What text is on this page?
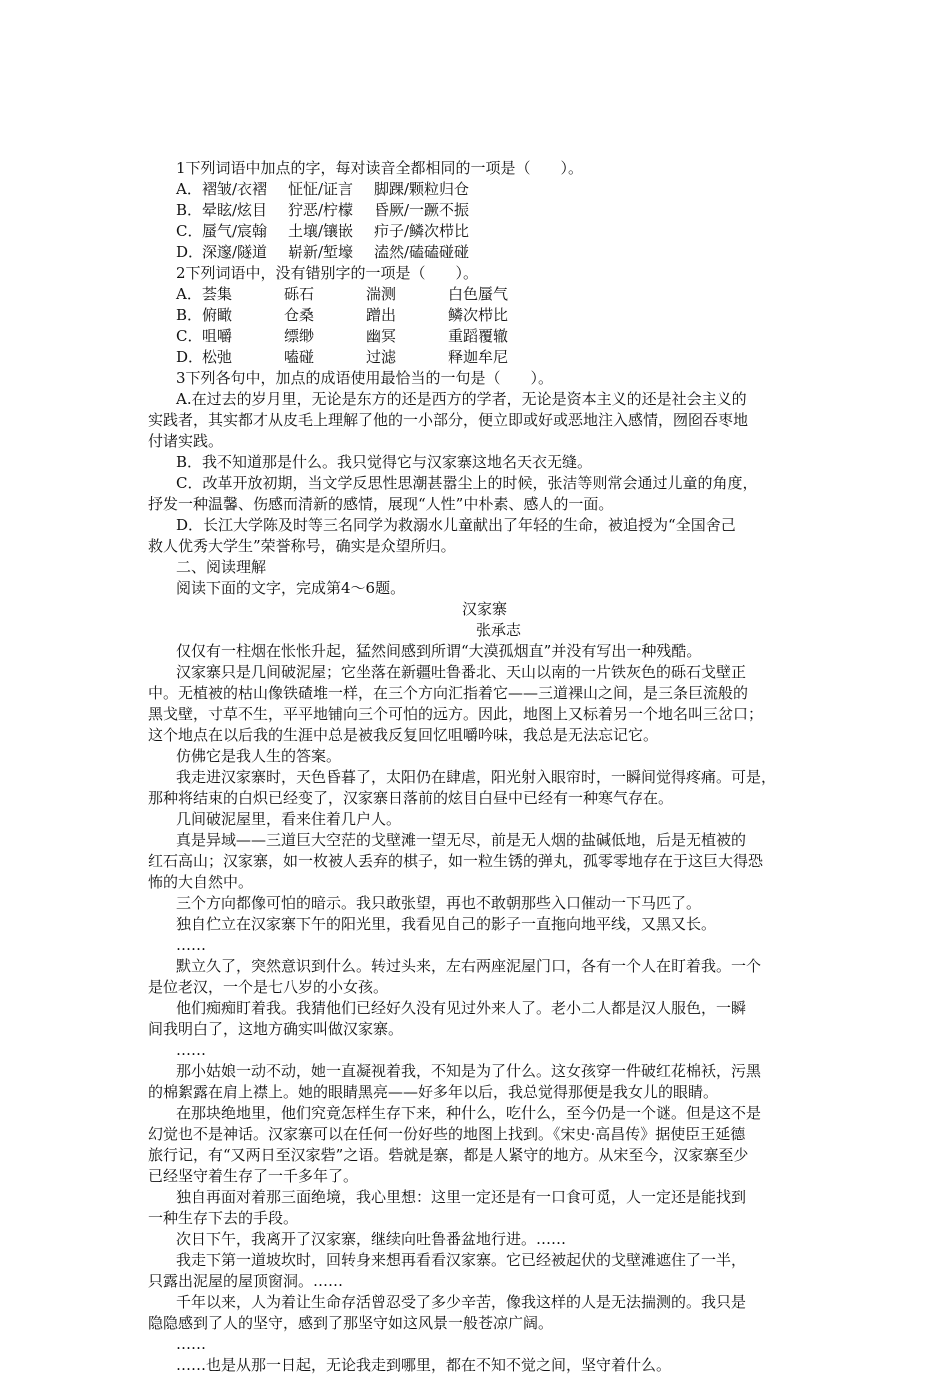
1下列词语中加点的字，每对读音全都相同的一项是（　　）。

A．褶皱/衣褶 怔怔/证言 脚踝/颗粒归仓

B．晕眩/炫目 狞恶/柠檬 昏厥/一蹶不振

C．蜃气/宸翰 土壤/镶嵌 疖子/鳞次栉比

D．深邃/隧道 崭新/堑壕 溘然/磕磕碰碰

2下列词语中，没有错别字的一项是（　　）。

A．荟集	砾石	湍测	白色蜃气

B．俯瞰	仓桑	蹭出	鳞次栉比

C．咀嚼	缥缈	幽冥	重蹈覆辙

D．松弛	嗑碰	过滤	释迦牟尼

3下列各句中，加点的成语使用最恰当的一句是（　　）。

A.在过去的岁月里，无论是东方的还是西方的学者，无论是资本主义的还是社会主义的

实践者，其实都才从皮毛上理解了他的一小部分，便立即或好或恶地注入感情，囫囵吞枣地

付诸实践。

B．我不知道那是什么。我只觉得它与汉家寨这地名天衣无缝。

C．改革开放初期，当文学反思性思潮甚嚣尘上的时候，张洁等则常会通过儿童的角度，

抒发一种温馨、伤感而清新的感情，展现“人性”中朴素、感人的一面。

D．长江大学陈及时等三名同学为救溺水儿童献出了年轻的生命，被追授为“全国舍己

救人优秀大学生”荣誉称号，确实是众望所归。

二、阅读理解

阅读下面的文字，完成第4～6题。

汉家寨

张承志

仅仅有一柱烟在怅怅升起，猛然间感到所谓“大漠孤烟直”并没有写出一种残酷。

汉家寨只是几间破泥屋；它坐落在新疆吐鲁番北、天山以南的一片铁灰色的砾石戈壁正

中。无植被的枯山像铁碴堆一样，在三个方向汇指着它——三道裸山之间，是三条巨流般的

黑戈壁，寸草不生，平平地铺向三个可怕的远方。因此，地图上又标着另一个地名叫三岔口；

这个地点在以后我的生涯中总是被我反复回忆咀嚼吟味，我总是无法忘记它。

仿佛它是我人生的答案。

我走进汉家寨时，天色昏暮了，太阳仍在肆虐，阳光射入眼帘时，一瞬间觉得疼痛。可是，

那种将结束的白炽已经变了，汉家寨日落前的炫目白昼中已经有一种寒气存在。

几间破泥屋里，看来住着几户人。

真是异域——三道巨大空茫的戈壁滩一望无尽，前是无人烟的盐碱低地，后是无植被的

红石高山；汉家寨，如一枚被人丢弃的棋子，如一粒生锈的弹丸，孤零零地存在于这巨大得恐

怖的大自然中。

三个方向都像可怕的暗示。我只敢张望，再也不敢朝那些入口催动一下马匹了。

独自伫立在汉家寨下午的阳光里，我看见自己的影子一直拖向地平线，又黑又长。

……

默立久了，突然意识到什么。转过头来，左右两座泥屋门口，各有一个人在盯着我。一个

是位老汉，一个是七八岁的小女孩。

他们痴痴盯着我。我猜他们已经好久没有见过外来人了。老小二人都是汉人服色，一瞬

间我明白了，这地方确实叫做汉家寨。

……

那小姑娘一动不动，她一直凝视着我，不知是为了什么。这女孩穿一件破红花棉袄，污黑

的棉絮露在肩上襟上。她的眼睛黑亮——好多年以后，我总觉得那便是我女儿的眼睛。

在那块绝地里，他们究竟怎样生存下来，种什么，吃什么，至今仍是一个谜。但是这不是

幻觉也不是神话。汉家寨可以在任何一份好些的地图上找到。《宋史·高昌传》据使臣王延德

旅行记，有“又两日至汉家砦”之语。砦就是寨，都是人紧守的地方。从宋至今，汉家寨至少

已经坚守着生存了一千多年了。

独自再面对着那三面绝境，我心里想：这里一定还是有一口食可觅，人一定还是能找到

一种生存下去的手段。

次日下午，我离开了汉家寨，继续向吐鲁番盆地行进。……

我走下第一道坡坎时，回转身来想再看看汉家寨。它已经被起伏的戈壁滩遮住了一半，

只露出泥屋的屋顶窗洞。……

千年以来，人为着让生命存活曾忍受了多少辛苦，像我这样的人是无法揣测的。我只是

隐隐感到了人的坚守，感到了那坚守如这风景一般苍凉广阔。

……

……也是从那一日起，无论我走到哪里，都在不知不觉之间，坚守着什么。
